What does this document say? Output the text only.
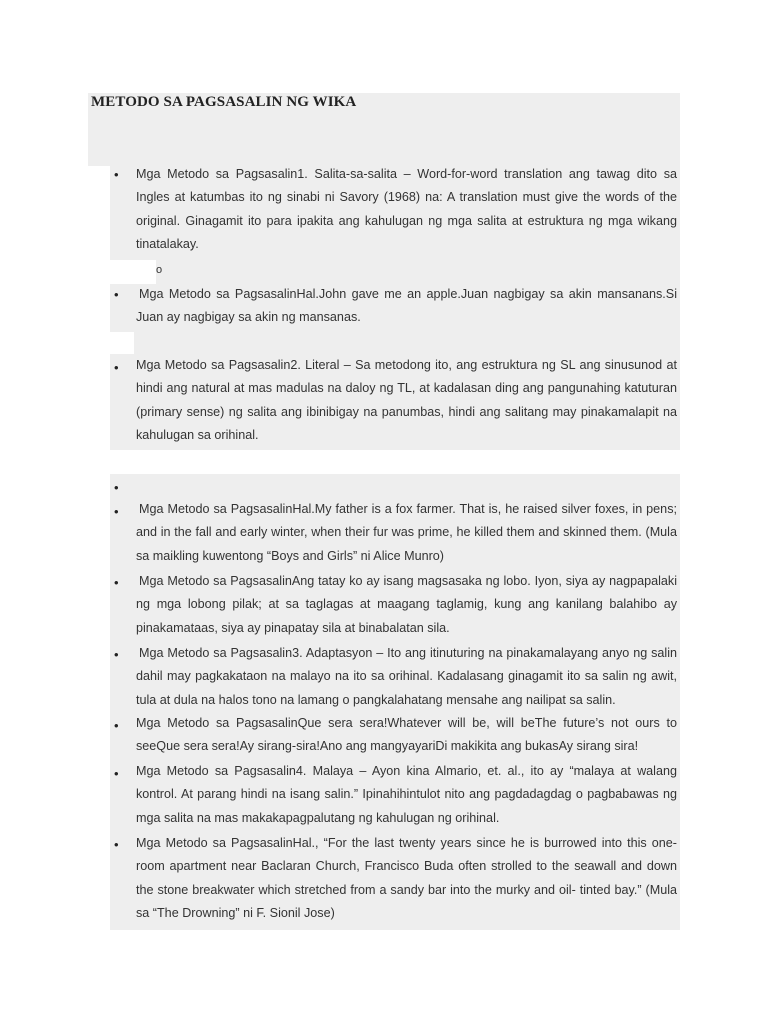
METODO SA PAGSASALIN NG WIKA
• Mga Metodo sa Pagsasalin1. Salita-sa-salita – Word-for-word translation ang tawag dito sa Ingles at katumbas ito ng sinabi ni Savory (1968) na: A translation must give the words of the original. Ginagamit ito para ipakita ang kahulugan ng mga salita at estruktura ng mga wikang tinatalakay.

o
• Mga Metodo sa PagsasalinHal.John gave me an apple.Juan nagbigay sa akin mansanans.Si Juan ay nagbigay sa akin ng mansanas.

• Mga Metodo sa Pagsasalin2. Literal – Sa metodong ito, ang estruktura ng SL ang sinusunod at hindi ang natural at mas madulas na daloy ng TL, at kadalasan ding ang pangunahing katuturan (primary sense) ng salita ang ibinibigay na panumbas, hindi ang salitang may pinakamalapit na kahulugan sa orihinal.

•

• Mga Metodo sa PagsasalinHal.My father is a fox farmer. That is, he raised silver foxes, in pens; and in the fall and early winter, when their fur was prime, he killed them and skinned them. (Mula sa maikling kuwentong “Boys and Girls” ni Alice Munro)

• Mga Metodo sa PagsasalinAng tatay ko ay isang magsasaka ng lobo. Iyon, siya ay nagpapalaki ng mga lobong pilak; at sa taglagas at maagang taglamig, kung ang kanilang balahibo ay pinakamataas, siya ay pinapatay sila at binabalatan sila.

• Mga Metodo sa Pagsasalin3. Adaptasyon – Ito ang itinuturing na pinakamalayang anyo ng salin dahil may pagkakataon na malayo na ito sa orihinal. Kadalasang ginagamit ito sa salin ng awit, tula at dula na halos tono na lamang o pangkalahatang mensahe ang nailipat sa salin.

• Mga Metodo sa PagsasalinQue sera sera!Whatever will be, will beThe future’s not ours to seeQue sera sera!Ay sirang-sira!Ano ang mangyayariDi makikita ang bukasAy sirang sira!

• Mga Metodo sa Pagsasalin4. Malaya – Ayon kina Almario, et. al., ito ay “malaya at walang kontrol. At parang hindi na isang salin.” Ipinahihintulot nito ang pagdadagdag o pagbabawas ng mga salita na mas makakapagpalutang ng kahulugan ng orihinal.

• Mga Metodo sa PagsasalinHal., “For the last twenty years since he is burrowed into this one-room apartment near Baclaran Church, Francisco Buda often strolled to the seawall and down the stone breakwater which stretched from a sandy bar into the murky and oil- tinted bay.” (Mula sa “The Drowning” ni F. Sionil Jose)
